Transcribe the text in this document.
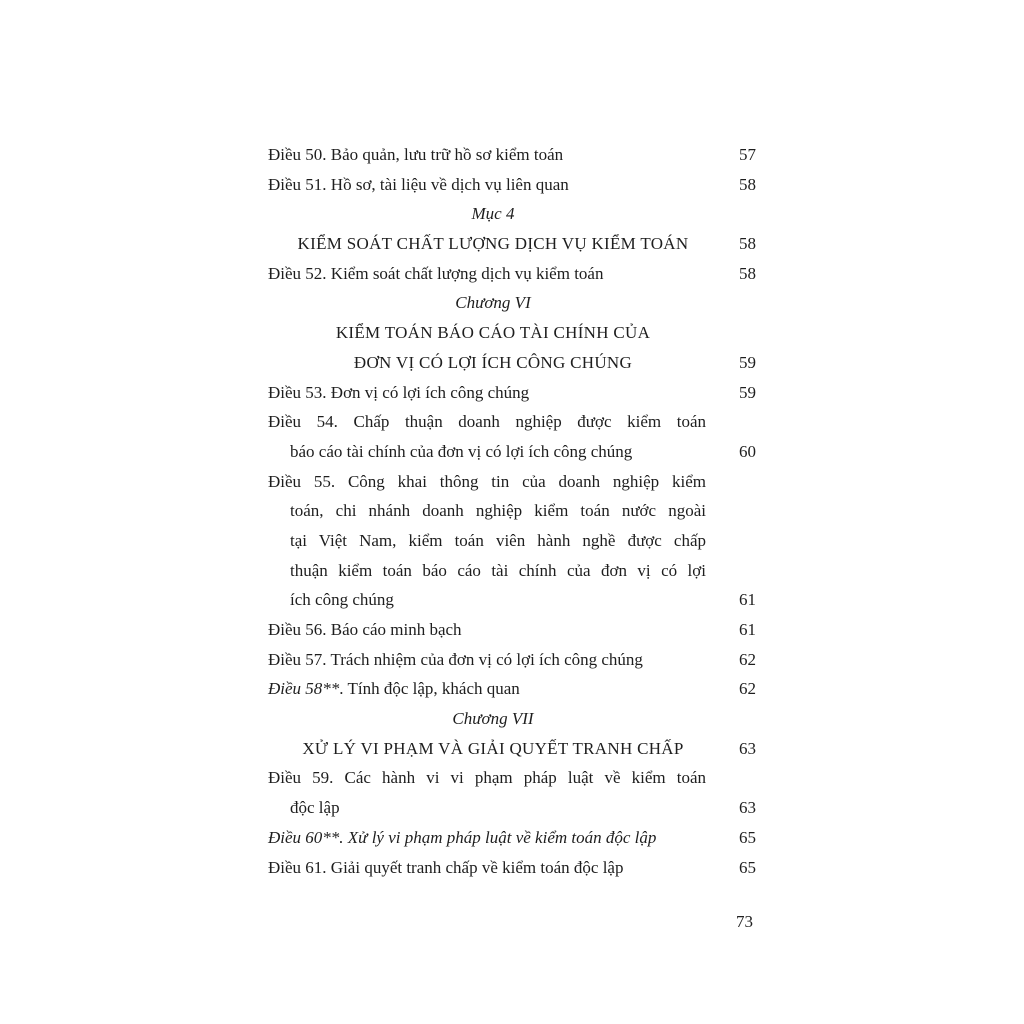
Điều 50. Bảo quản, lưu trữ hồ sơ kiểm toán	57
Điều 51. Hồ sơ, tài liệu về dịch vụ liên quan	58
Mục 4
KIỂM SOÁT CHẤT LƯỢNG DỊCH VỤ KIỂM TOÁN	58
Điều 52. Kiểm soát chất lượng dịch vụ kiểm toán	58
Chương VI
KIỂM TOÁN BÁO CÁO TÀI CHÍNH CỦA
ĐƠN VỊ CÓ LỢI ÍCH CÔNG CHÚNG	59
Điều 53. Đơn vị có lợi ích công chúng	59
Điều 54. Chấp thuận doanh nghiệp được kiểm toán
báo cáo tài chính của đơn vị có lợi ích công chúng	60
Điều 55. Công khai thông tin của doanh nghiệp kiểm
toán, chi nhánh doanh nghiệp kiểm toán nước ngoài
tại Việt Nam, kiểm toán viên hành nghề được chấp
thuận kiểm toán báo cáo tài chính của đơn vị có lợi
ích công chúng	61
Điều 56. Báo cáo minh bạch	61
Điều 57. Trách nhiệm của đơn vị có lợi ích công chúng	62
Điều 58**. Tính độc lập, khách quan	62
Chương VII
XỬ LÝ VI PHẠM VÀ GIẢI QUYẾT TRANH CHẤP	63
Điều 59. Các hành vi vi phạm pháp luật về kiểm toán
độc lập	63
Điều 60**. Xử lý vi phạm pháp luật về kiểm toán độc lập	65
Điều 61. Giải quyết tranh chấp về kiểm toán độc lập	65
73
